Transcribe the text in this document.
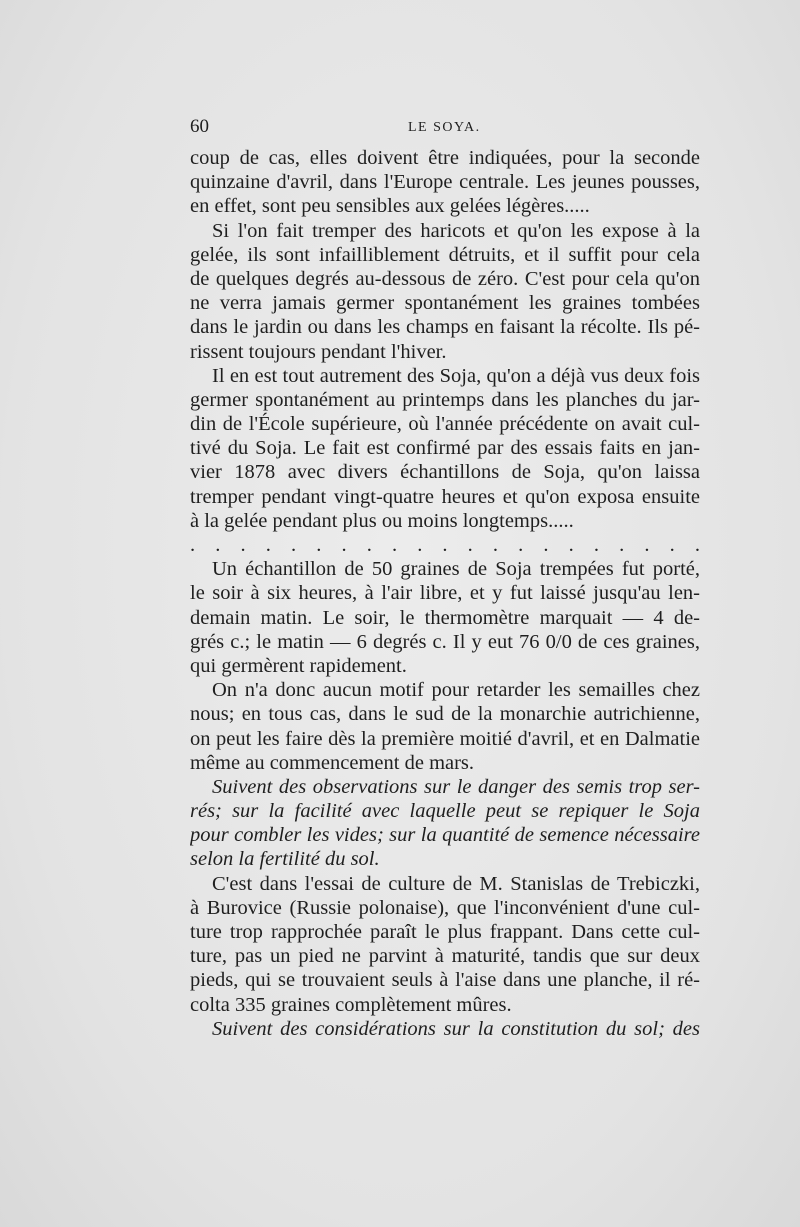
60	LE SOYA.
coup de cas, elles doivent être indiquées, pour la seconde
quinzaine d'avril, dans l'Europe centrale. Les jeunes pousses,
en effet, sont peu sensibles aux gelées légères.....
Si l'on fait tremper des haricots et qu'on les expose à la
gelée, ils sont infailliblement détruits, et il suffit pour cela
de quelques degrés au-dessous de zéro. C'est pour cela qu'on
ne verra jamais germer spontanément les graines tombées
dans le jardin ou dans les champs en faisant la récolte. Ils pé-
rissent toujours pendant l'hiver.
Il en est tout autrement des Soja, qu'on a déjà vus deux fois
germer spontanément au printemps dans les planches du jar-
din de l'École supérieure, où l'année précédente on avait cul-
tivé du Soja. Le fait est confirmé par des essais faits en jan-
vier 1878 avec divers échantillons de Soja, qu'on laissa
tremper pendant vingt-quatre heures et qu'on exposa ensuite
à la gelée pendant plus ou moins longtemps.....
. . . . . . . . . . . . . . . . . . . . .
Un échantillon de 50 graines de Soja trempées fut porté,
le soir à six heures, à l'air libre, et y fut laissé jusqu'au len-
demain matin. Le soir, le thermomètre marquait — 4 de-
grés c.; le matin — 6 degrés c. Il y eut 76 0/0 de ces graines,
qui germèrent rapidement.
On n'a donc aucun motif pour retarder les semailles chez
nous; en tous cas, dans le sud de la monarchie autrichienne,
on peut les faire dès la première moitié d'avril, et en Dalmatie
même au commencement de mars.
Suivent des observations sur le danger des semis trop ser-
rés; sur la facilité avec laquelle peut se repiquer le Soja
pour combler les vides; sur la quantité de semence nécessaire
selon la fertilité du sol.
C'est dans l'essai de culture de M. Stanislas de Trebiczki,
à Burovice (Russie polonaise), que l'inconvénient d'une cul-
ture trop rapprochée paraît le plus frappant. Dans cette cul-
ture, pas un pied ne parvint à maturité, tandis que sur deux
pieds, qui se trouvaient seuls à l'aise dans une planche, il ré-
colta 335 graines complètement mûres.
Suivent des considérations sur la constitution du sol; des
